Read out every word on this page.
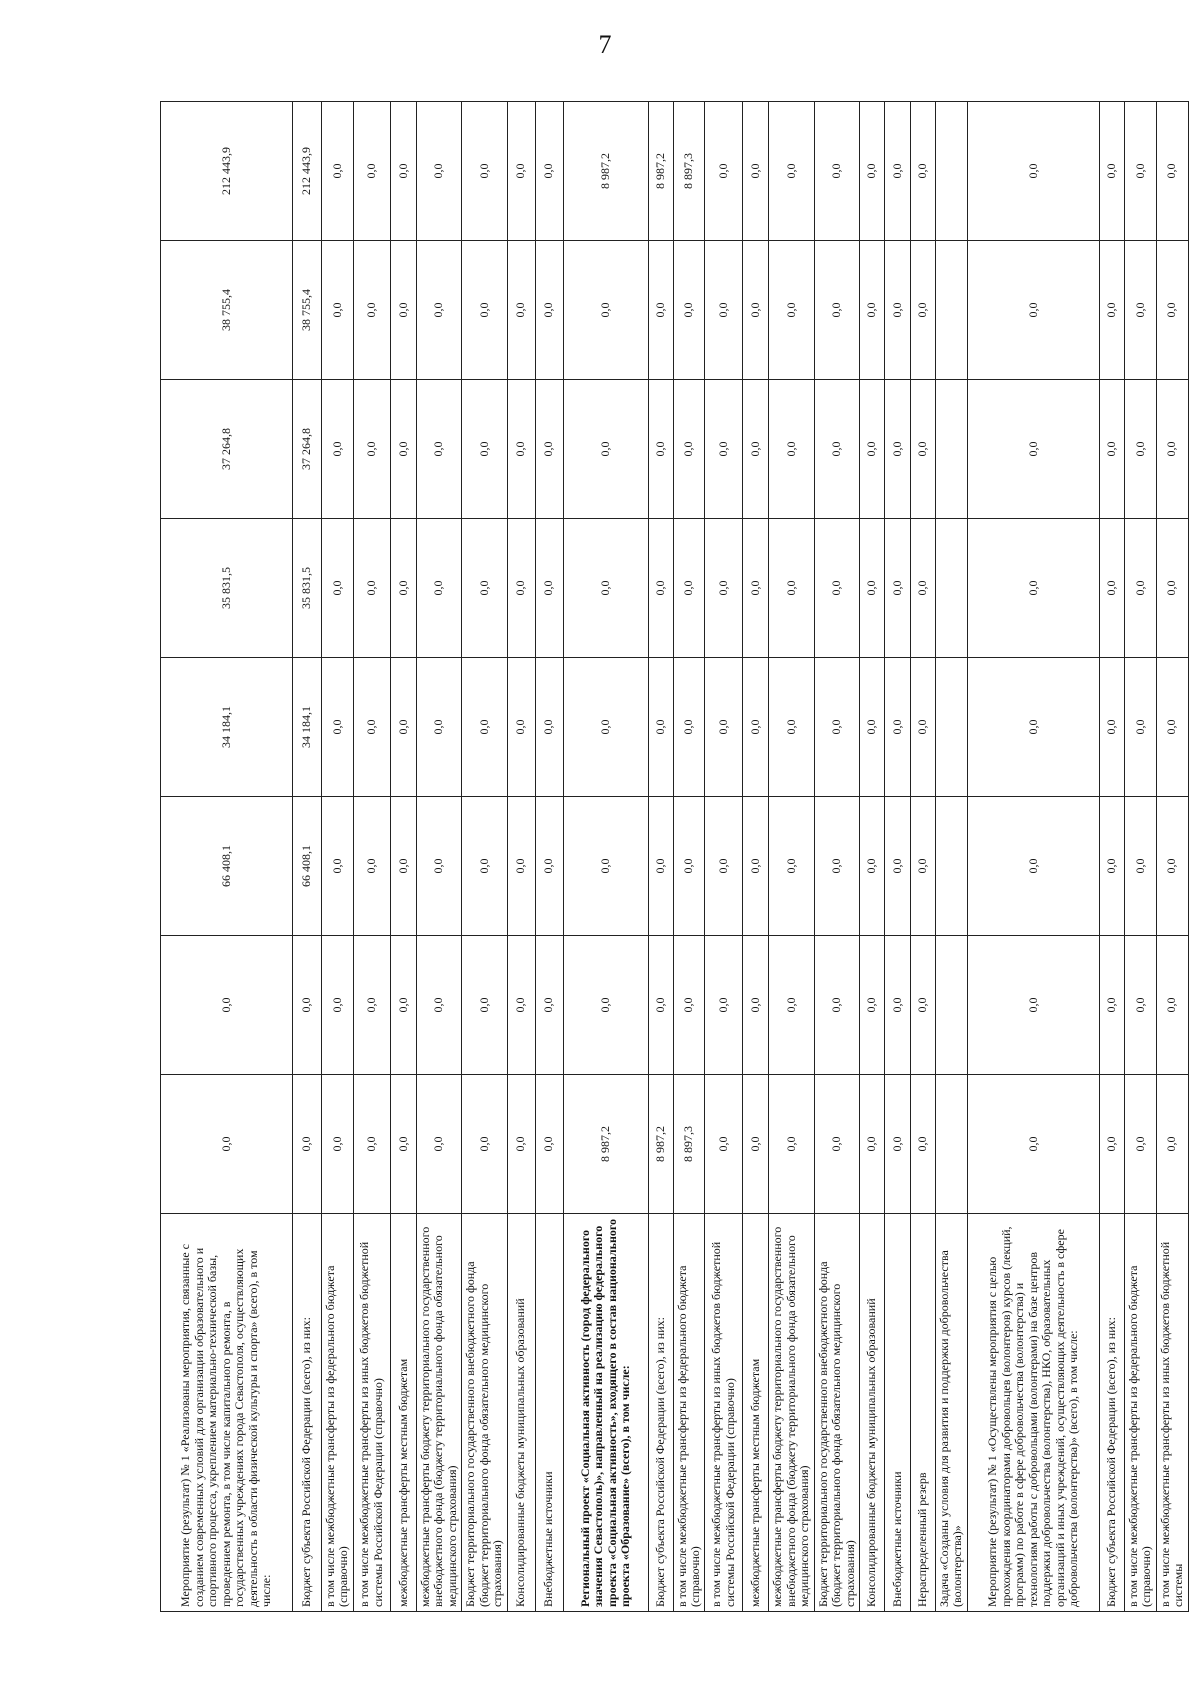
7
Мероприятие (результат) № 1 «Реализованы мероприятия, связанные с созданием современных условий для организации образовательного и спортивного процесса, укреплением материально-технической базы, проведением ремонта, в том числе капитального ремонта, в государственных учреждениях города Севастополя, осуществляющих деятельность в области физической культуры и спорта» (всего), в том числе:	0,0	0,0	66 408,1	34 184,1	35 831,5	37 264,8	38 755,4	212 443,9
Бюджет субъекта Российской Федерации (всего), из них:	0,0	0,0	66 408,1	34 184,1	35 831,5	37 264,8	38 755,4	212 443,9
в том числе межбюджетные трансферты из федерального бюджета (справочно)	0,0	0,0	0,0	0,0	0,0	0,0	0,0	0,0
в том числе межбюджетные трансферты из иных бюджетов бюджетной системы Российской Федерации (справочно)	0,0	0,0	0,0	0,0	0,0	0,0	0,0	0,0
межбюджетные трансферты местным бюджетам	0,0	0,0	0,0	0,0	0,0	0,0	0,0	0,0
межбюджетные трансферты бюджету территориального государственного внебюджетного фонда (бюджету территориального фонда обязательного медицинского страхования)	0,0	0,0	0,0	0,0	0,0	0,0	0,0	0,0
Бюджет территориального государственного внебюджетного фонда (бюджет территориального фонда обязательного медицинского страхования)	0,0	0,0	0,0	0,0	0,0	0,0	0,0	0,0
Консолидированные бюджеты муниципальных образований	0,0	0,0	0,0	0,0	0,0	0,0	0,0	0,0
Внебюджетные источники	0,0	0,0	0,0	0,0	0,0	0,0	0,0	0,0
Региональный проект «Социальная активность (город федерального значения Севастополь)», направленный на реализацию федерального проекта «Социальная активность», входящего в состав национального проекта «Образование» (всего), в том числе:	8 987,2	0,0	0,0	0,0	0,0	0,0	0,0	8 987,2
Бюджет субъекта Российской Федерации (всего), из них:	8 987,2	0,0	0,0	0,0	0,0	0,0	0,0	8 987,2
в том числе межбюджетные трансферты из федерального бюджета (справочно)	8 897,3	0,0	0,0	0,0	0,0	0,0	0,0	8 897,3
в том числе межбюджетные трансферты из иных бюджетов бюджетной системы Российской Федерации (справочно)	0,0	0,0	0,0	0,0	0,0	0,0	0,0	0,0
межбюджетные трансферты местным бюджетам	0,0	0,0	0,0	0,0	0,0	0,0	0,0	0,0
межбюджетные трансферты бюджету территориального государственного внебюджетного фонда (бюджету территориального фонда обязательного медицинского страхования)	0,0	0,0	0,0	0,0	0,0	0,0	0,0	0,0
Бюджет территориального государственного внебюджетного фонда (бюджет территориального фонда обязательного медицинского страхования)	0,0	0,0	0,0	0,0	0,0	0,0	0,0	0,0
Консолидированные бюджеты муниципальных образований	0,0	0,0	0,0	0,0	0,0	0,0	0,0	0,0
Внебюджетные источники	0,0	0,0	0,0	0,0	0,0	0,0	0,0	0,0
Нераспределенный резерв	0,0	0,0	0,0	0,0	0,0	0,0	0,0	0,0
Задача «Созданы условия для развития и поддержки добровольчества (волонтерства)»								
Мероприятие (результат) № 1 «Осуществлены мероприятия с целью прохождения координаторами добровольцев (волонтеров) курсов (лекций, программ) по работе в сфере добровольчества (волонтерства) и технологиям работы с добровольцами (волонтерами) на базе центров поддержки добровольчества (волонтерства), НКО, образовательных организаций и иных учреждений, осуществляющих деятельность в сфере добровольчества (волонтерства)» (всего), в том числе:	0,0	0,0	0,0	0,0	0,0	0,0	0,0	0,0
Бюджет субъекта Российской Федерации (всего), из них:	0,0	0,0	0,0	0,0	0,0	0,0	0,0	0,0
в том числе межбюджетные трансферты из федерального бюджета (справочно)	0,0	0,0	0,0	0,0	0,0	0,0	0,0	0,0
в том числе межбюджетные трансферты из иных бюджетов бюджетной системы	0,0	0,0	0,0	0,0	0,0	0,0	0,0	0,0
